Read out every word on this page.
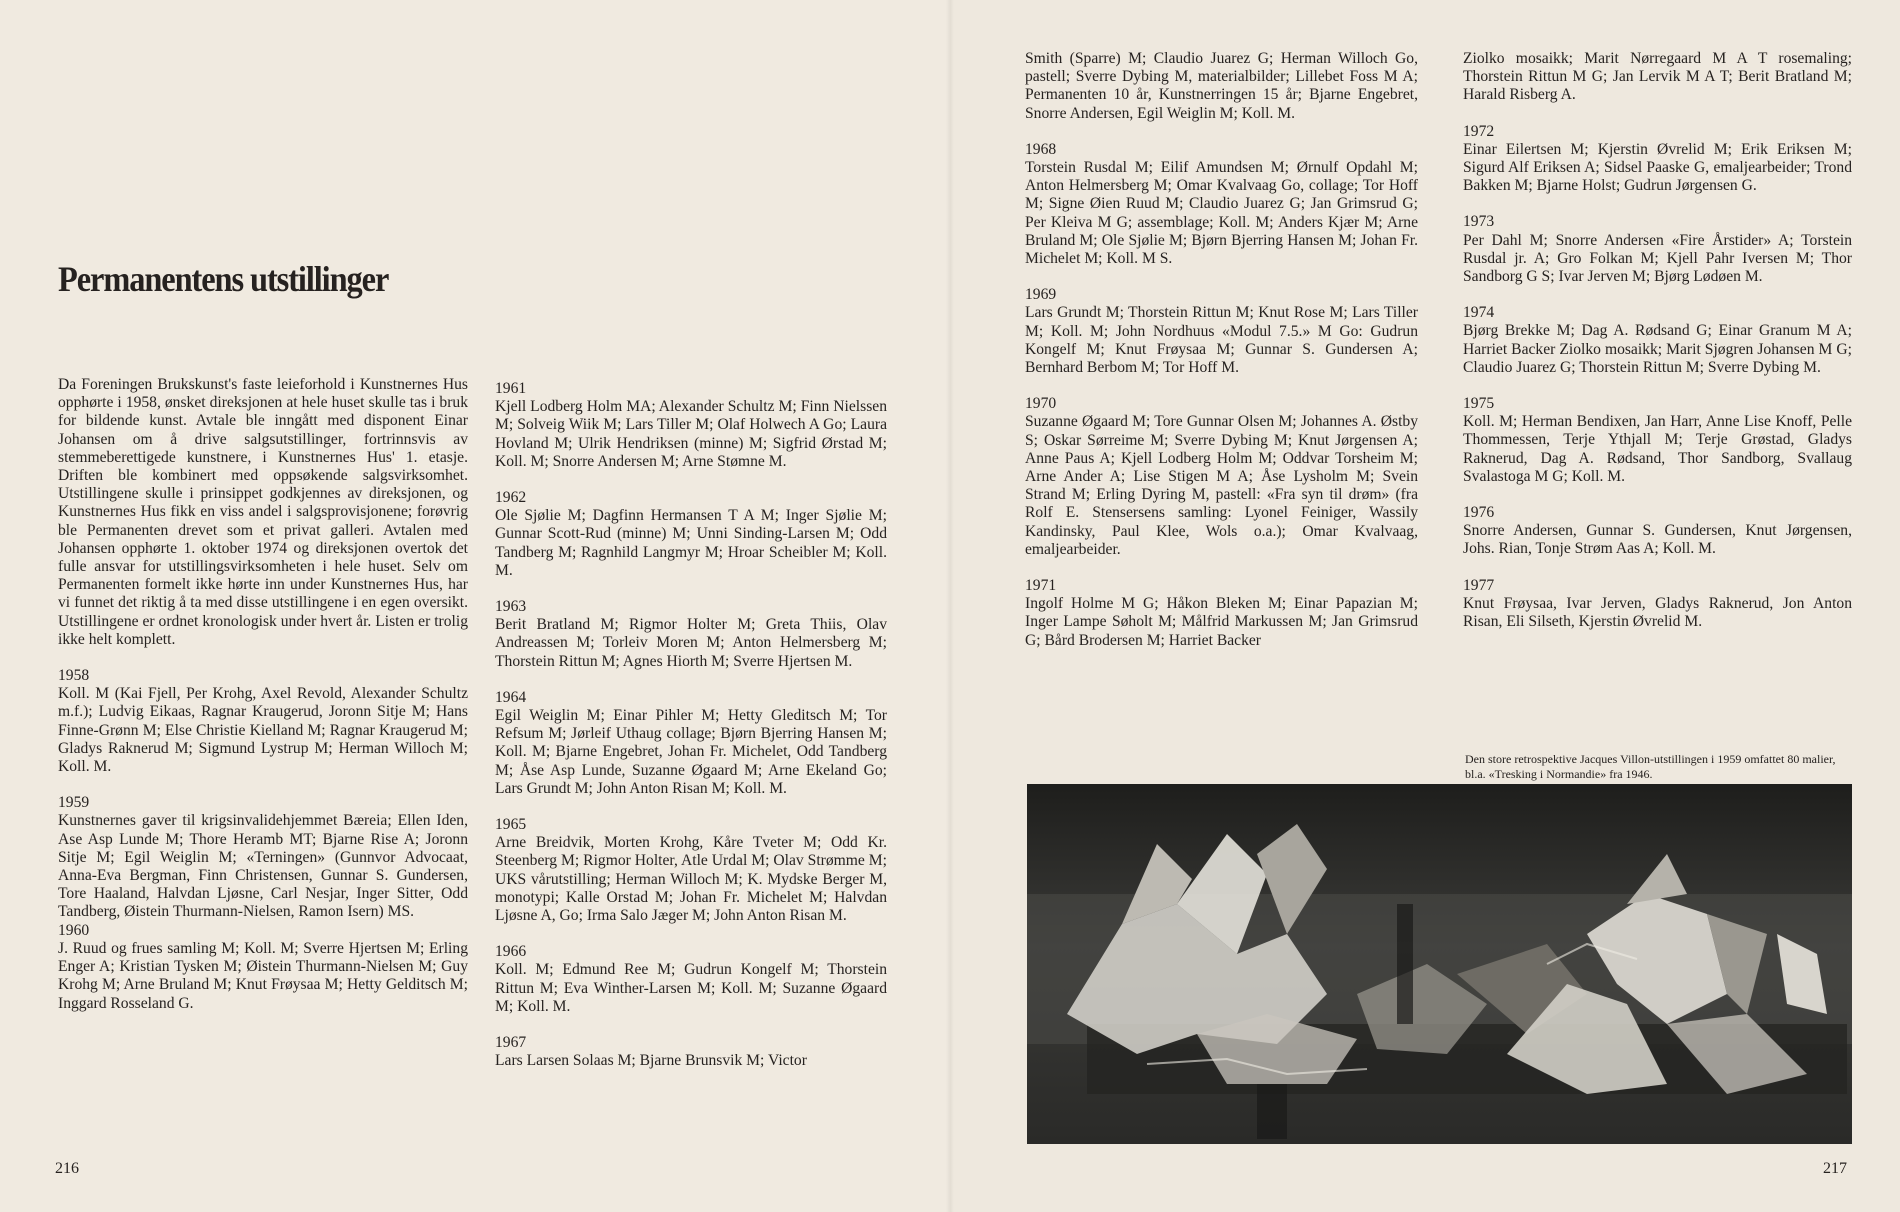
Permanentens utstillinger

Da Foreningen Brukskunst's faste leieforhold i Kunstnernes Hus opphørte i 1958, ønsket direksjonen at hele huset skulle tas i bruk for bildende kunst. Avtale ble inngått med disponent Einar Johansen om å drive salgsutstillinger, fortrinnsvis av stemmeberettigede kunstnere, i Kunstnernes Hus' 1. etasje. Driften ble kombinert med oppsøkende salgsvirksomhet. Utstillingene skulle i prinsippet godkjennes av direksjonen, og Kunstnernes Hus fikk en viss andel i salgsprovisjonene; forøvrig ble Permanenten drevet som et privat galleri. Avtalen med Johansen opphørte 1. oktober 1974 og direksjonen overtok det fulle ansvar for utstillingsvirksomheten i hele huset. Selv om Permanenten formelt ikke hørte inn under Kunstnernes Hus, har vi funnet det riktig å ta med disse utstillingene i en egen oversikt. Utstillingene er ordnet kronologisk under hvert år. Listen er trolig ikke helt komplett.

1958

Koll. M (Kai Fjell, Per Krohg, Axel Revold, Alexander Schultz m.f.); Ludvig Eikaas, Ragnar Kraugerud, Joronn Sitje M; Hans Finne-Grønn M; Else Christie Kielland M; Ragnar Kraugerud M; Gladys Raknerud M; Sigmund Lystrup M; Herman Willoch M; Koll. M.

1959

Kunstnernes gaver til krigsinvalidehjemmet Bæreia; Ellen Iden, Ase Asp Lunde M; Thore Heramb MT; Bjarne Rise A; Joronn Sitje M; Egil Weiglin M; «Terningen» (Gunnvor Advocaat, Anna-Eva Bergman, Finn Christensen, Gunnar S. Gundersen, Tore Haaland, Halvdan Ljøsne, Carl Nesjar, Inger Sitter, Odd Tandberg, Øistein Thurmann-Nielsen, Ramon Isern) MS.

1960

J. Ruud og frues samling M; Koll. M; Sverre Hjertsen M; Erling Enger A; Kristian Tysken M; Øistein Thurmann-Nielsen M; Guy Krohg M; Arne Bruland M; Knut Frøysaa M; Hetty Gelditsch M; Inggard Rosseland G.

1961

Kjell Lodberg Holm MA; Alexander Schultz M; Finn Nielssen M; Solveig Wiik M; Lars Tiller M; Olaf Holwech A Go; Laura Hovland M; Ulrik Hendriksen (minne) M; Sigfrid Ørstad M; Koll. M; Snorre Andersen M; Arne Stømne M.

1962

Ole Sjølie M; Dagfinn Hermansen T A M; Inger Sjølie M; Gunnar Scott-Rud (minne) M; Unni Sinding-Larsen M; Odd Tandberg M; Ragnhild Langmyr M; Hroar Scheibler M; Koll. M.

1963

Berit Bratland M; Rigmor Holter M; Greta Thiis, Olav Andreassen M; Torleiv Moren M; Anton Helmersberg M; Thorstein Rittun M; Agnes Hiorth M; Sverre Hjertsen M.

1964

Egil Weiglin M; Einar Pihler M; Hetty Gleditsch M; Tor Refsum M; Jørleif Uthaug collage; Bjørn Bjerring Hansen M; Koll. M; Bjarne Engebret, Johan Fr. Michelet, Odd Tandberg M; Åse Asp Lunde, Suzanne Øgaard M; Arne Ekeland Go; Lars Grundt M; John Anton Risan M; Koll. M.

1965

Arne Breidvik, Morten Krohg, Kåre Tveter M; Odd Kr. Steenberg M; Rigmor Holter, Atle Urdal M; Olav Strømme M; UKS vårutstilling; Herman Willoch M; K. Mydske Berger M, monotypi; Kalle Orstad M; Johan Fr. Michelet M; Halvdan Ljøsne A, Go; Irma Salo Jæger M; John Anton Risan M.

1966

Koll. M; Edmund Ree M; Gudrun Kongelf M; Thorstein Rittun M; Eva Winther-Larsen M; Koll. M; Suzanne Øgaard M; Koll. M.

1967

Lars Larsen Solaas M; Bjarne Brunsvik M; Victor

Smith (Sparre) M; Claudio Juarez G; Herman Willoch Go, pastell; Sverre Dybing M, materialbilder; Lillebet Foss M A; Permanenten 10 år, Kunstnerringen 15 år; Bjarne Engebret, Snorre Andersen, Egil Weiglin M; Koll. M.

1968

Torstein Rusdal M; Eilif Amundsen M; Ørnulf Opdahl M; Anton Helmersberg M; Omar Kvalvaag Go, collage; Tor Hoff M; Signe Øien Ruud M; Claudio Juarez G; Jan Grimsrud G; Per Kleiva M G; assemblage; Koll. M; Anders Kjær M; Arne Bruland M; Ole Sjølie M; Bjørn Bjerring Hansen M; Johan Fr. Michelet M; Koll. M S.

1969

Lars Grundt M; Thorstein Rittun M; Knut Rose M; Lars Tiller M; Koll. M; John Nordhuus «Modul 7.5.» M Go: Gudrun Kongelf M; Knut Frøysaa M; Gunnar S. Gundersen A; Bernhard Berbom M; Tor Hoff M.

1970

Suzanne Øgaard M; Tore Gunnar Olsen M; Johannes A. Østby S; Oskar Sørreime M; Sverre Dybing M; Knut Jørgensen A; Anne Paus A; Kjell Lodberg Holm M; Oddvar Torsheim M; Arne Ander A; Lise Stigen M A; Åse Lysholm M; Svein Strand M; Erling Dyring M, pastell: «Fra syn til drøm» (fra Rolf E. Stensersens samling: Lyonel Feiniger, Wassily Kandinsky, Paul Klee, Wols o.a.); Omar Kvalvaag, emaljearbeider.

1971

Ingolf Holme M G; Håkon Bleken M; Einar Papazian M; Inger Lampe Søholt M; Målfrid Markussen M; Jan Grimsrud G; Bård Brodersen M; Harriet Backer

Ziolko mosaikk; Marit Nørregaard M A T rosemaling; Thorstein Rittun M G; Jan Lervik M A T; Berit Bratland M; Harald Risberg A.

1972

Einar Eilertsen M; Kjerstin Øvrelid M; Erik Eriksen M; Sigurd Alf Eriksen A; Sidsel Paaske G, emaljearbeider; Trond Bakken M; Bjarne Holst; Gudrun Jørgensen G.

1973

Per Dahl M; Snorre Andersen «Fire Årstider» A; Torstein Rusdal jr. A; Gro Folkan M; Kjell Pahr Iversen M; Thor Sandborg G S; Ivar Jerven M; Bjørg Lødøen M.

1974

Bjørg Brekke M; Dag A. Rødsand G; Einar Granum M A; Harriet Backer Ziolko mosaikk; Marit Sjøgren Johansen M G; Claudio Juarez G; Thorstein Rittun M; Sverre Dybing M.

1975

Koll. M; Herman Bendixen, Jan Harr, Anne Lise Knoff, Pelle Thommessen, Terje Ythjall M; Terje Grøstad, Gladys Raknerud, Dag A. Rødsand, Thor Sandborg, Svallaug Svalastoga M G; Koll. M.

1976

Snorre Andersen, Gunnar S. Gundersen, Knut Jørgensen, Johs. Rian, Tonje Strøm Aas A; Koll. M.

1977

Knut Frøysaa, Ivar Jerven, Gladys Raknerud, Jon Anton Risan, Eli Silseth, Kjerstin Øvrelid M.

Den store retrospektive Jacques Villon-utstillingen i 1959 omfattet 80 malier, bl.a. «Tresking i Normandie» fra 1946.

216	217
